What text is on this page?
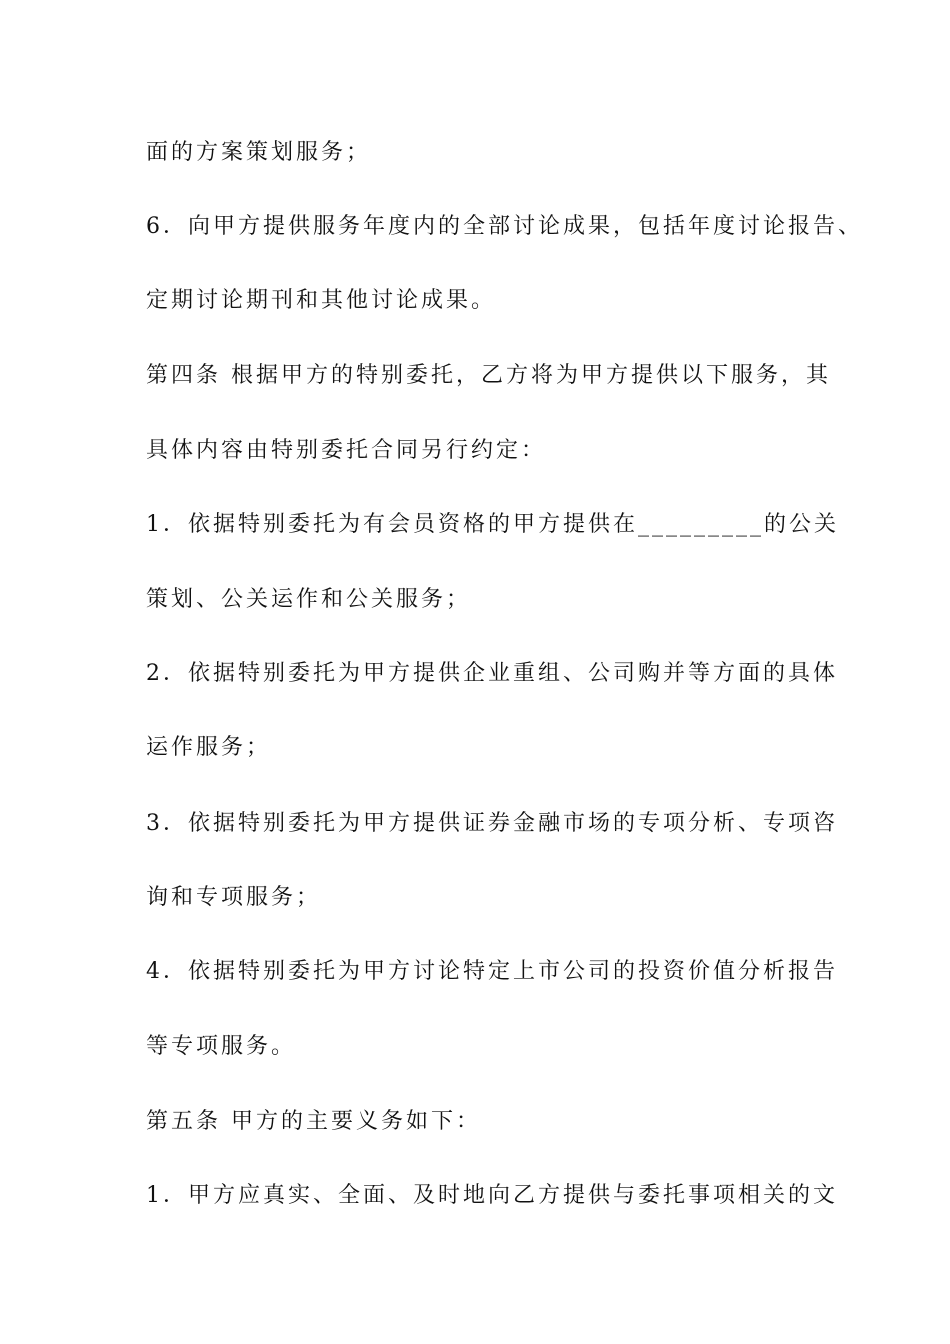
面的方案策划服务；

6．向甲方提供服务年度内的全部讨论成果，包括年度讨论报告、

定期讨论期刊和其他讨论成果。

第四条 根据甲方的特别委托，乙方将为甲方提供以下服务，其

具体内容由特别委托合同另行约定：

1．依据特别委托为有会员资格的甲方提供在_________的公关

策划、公关运作和公关服务；

2．依据特别委托为甲方提供企业重组、公司购并等方面的具体

运作服务；

3．依据特别委托为甲方提供证券金融市场的专项分析、专项咨

询和专项服务；

4．依据特别委托为甲方讨论特定上市公司的投资价值分析报告

等专项服务。

第五条 甲方的主要义务如下：

1．甲方应真实、全面、及时地向乙方提供与委托事项相关的文
